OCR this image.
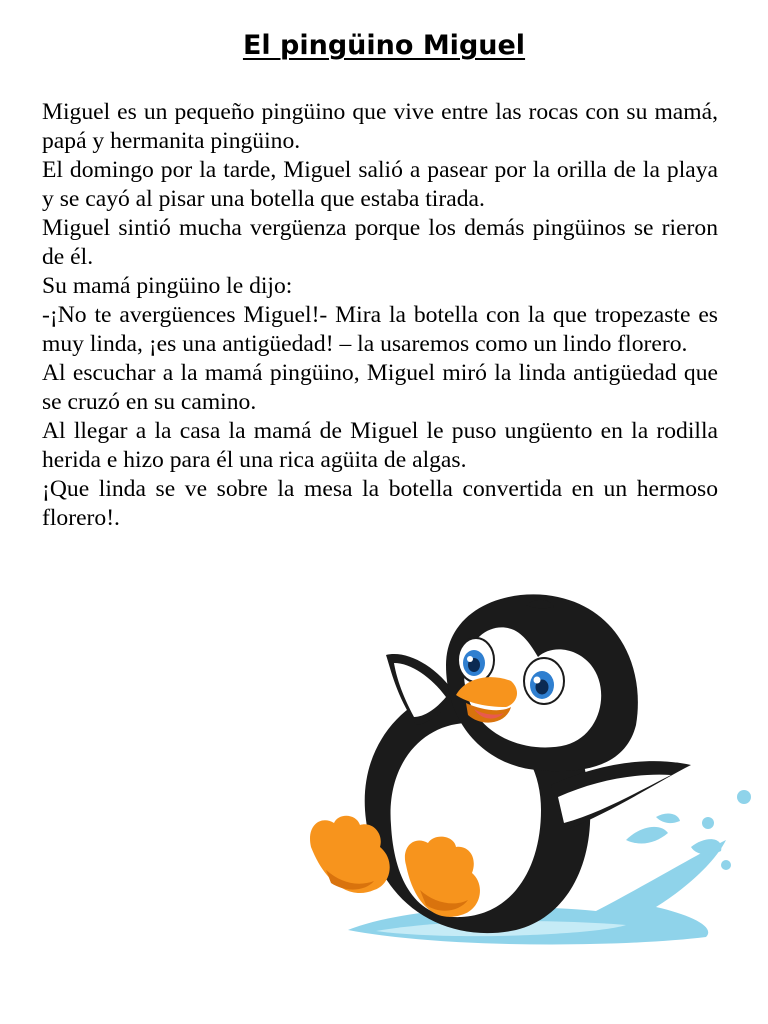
El pingüino Miguel

Miguel es un pequeño pingüino que vive entre las rocas con su mamá, papá y hermanita pingüino.

El domingo por la tarde, Miguel salió a pasear por la orilla de la playa y se cayó al pisar una botella que estaba tirada.

Miguel sintió mucha vergüenza porque los demás pingüinos se rieron de él.

Su mamá pingüino le dijo:

-¡No te avergüences Miguel!- Mira la botella con la que tropezaste es muy linda, ¡es una antigüedad! – la usaremos como un lindo florero.

Al escuchar a la mamá pingüino, Miguel miró la linda antigüedad que se cruzó en su camino.

Al llegar a la casa la mamá de Miguel le puso ungüento en la rodilla herida e hizo para él una rica agüita de algas.

¡Que linda se ve sobre la mesa la botella convertida en un hermoso florero!.
